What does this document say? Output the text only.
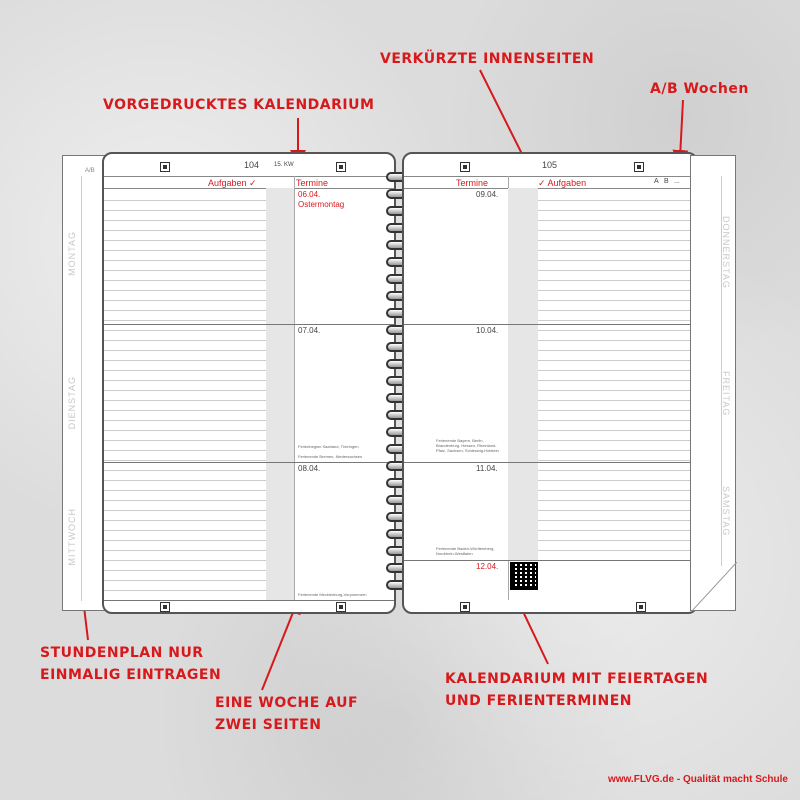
VORGEDRUCKTES KALENDARIUM
VERKÜRZTE INNENSEITEN
A/B Wochen
STUNDENPLAN NUR
EINMALIG EINTRAGEN
EINE WOCHE AUF
ZWEI SEITEN
KALENDARIUM MIT FEIERTAGEN
UND FERIENTERMINEN
A/B
MONTAG
DIENSTAG
MITTWOCH
104 15. KW
Aufgaben ✓	Termine
06.04.
Ostermontag
07.04.
Ferienbeginn Saarland, Thüringen
Ferienende Bremen, Niedersachsen
08.04.
Ferienende Mecklenburg-Vorpommern
105
Termine	✓ Aufgaben	A B ...
09.04.
10.04.
Ferienende Bayern, Berlin, Brandenburg, Hessen, Rheinland-Pfalz, Sachsen, Schleswig-Holstein
11.04.
Ferienende Baden-Württemberg, Nordrhein-Westfalen
12.04.
DONNERSTAG
FREITAG
SAMSTAG
www.FLVG.de - Qualität macht Schule
